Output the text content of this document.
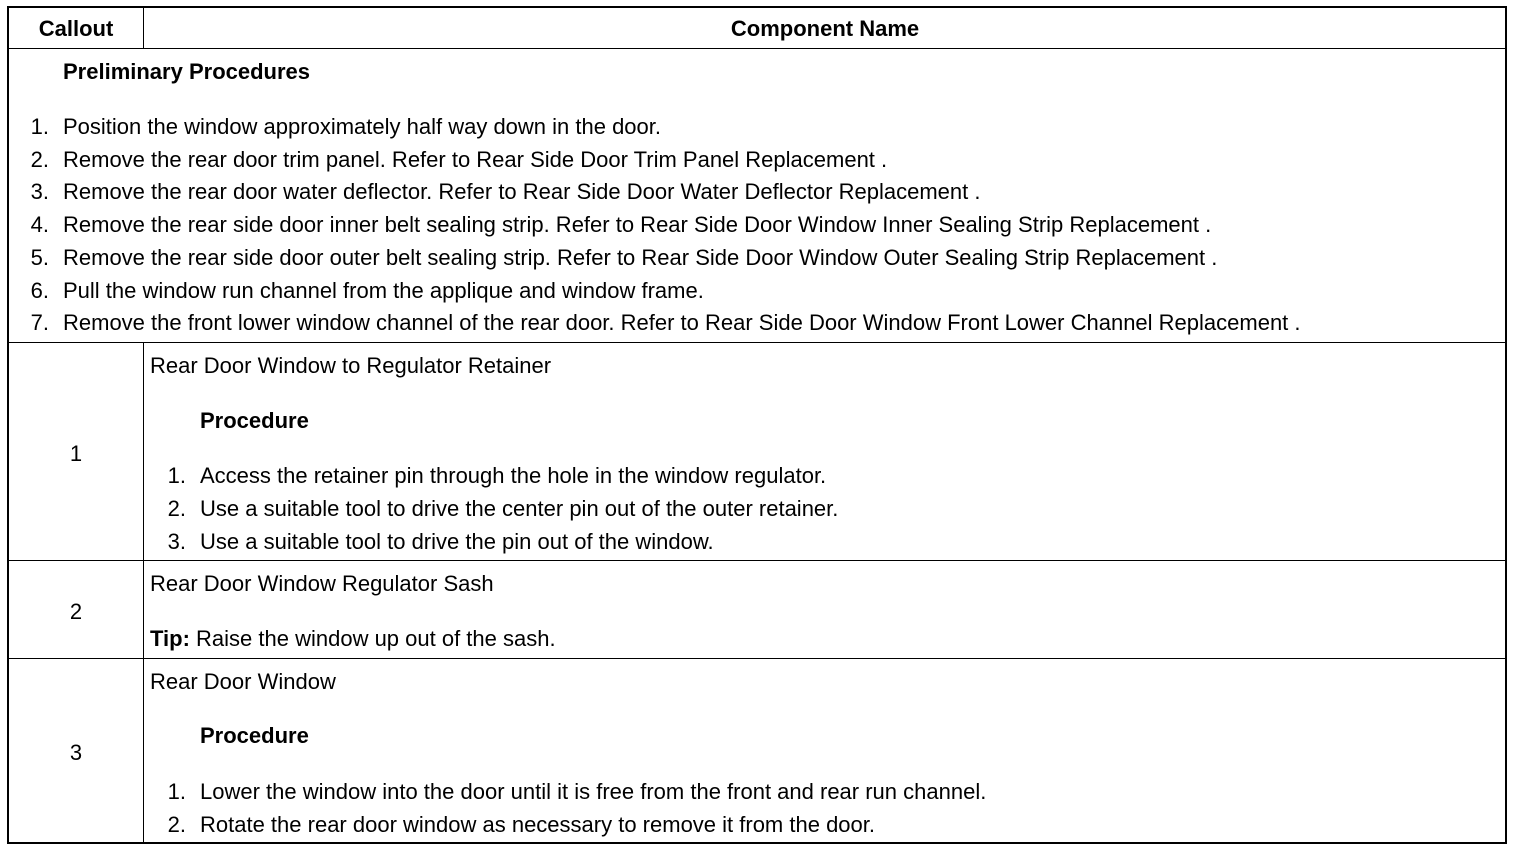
Callout	Component Name
Preliminary Procedures
1. Position the window approximately half way down in the door.
2. Remove the rear door trim panel. Refer to Rear Side Door Trim Panel Replacement .
3. Remove the rear door water deflector. Refer to Rear Side Door Water Deflector Replacement .
4. Remove the rear side door inner belt sealing strip. Refer to Rear Side Door Window Inner Sealing Strip Replacement .
5. Remove the rear side door outer belt sealing strip. Refer to Rear Side Door Window Outer Sealing Strip Replacement .
6. Pull the window run channel from the applique and window frame.
7. Remove the front lower window channel of the rear door. Refer to Rear Side Door Window Front Lower Channel Replacement .
1
Rear Door Window to Regulator Retainer
Procedure
1. Access the retainer pin through the hole in the window regulator.
2. Use a suitable tool to drive the center pin out of the outer retainer.
3. Use a suitable tool to drive the pin out of the window.
2
Rear Door Window Regulator Sash
Tip: Raise the window up out of the sash.
3
Rear Door Window
Procedure
1. Lower the window into the door until it is free from the front and rear run channel.
2. Rotate the rear door window as necessary to remove it from the door.
